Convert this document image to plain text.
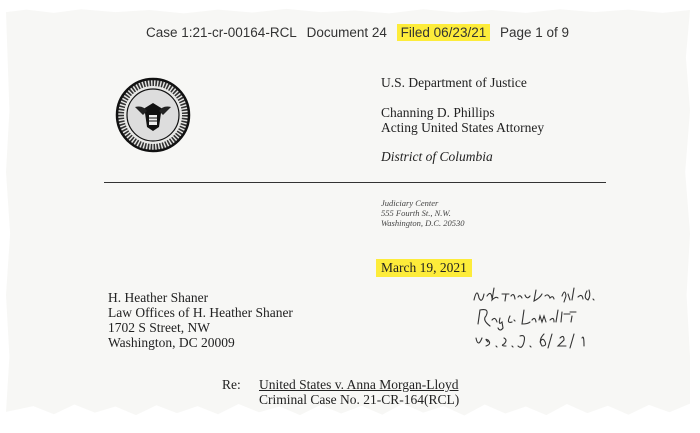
Case 1:21-cr-00164-RCL Document 24 Filed 06/23/21 Page 1 of 9
U.S. Department of Justice
Channing D. Phillips
Acting United States Attorney
District of Columbia
Judiciary Center
555 Fourth St., N.W.
Washington, D.C. 20530
March 19, 2021
H. Heather Shaner
Law Offices of H. Heather Shaner
1702 S Street, NW
Washington, DC 20009
Re: United States v. Anna Morgan-Lloyd
Criminal Case No. 21-CR-164(RCL)
